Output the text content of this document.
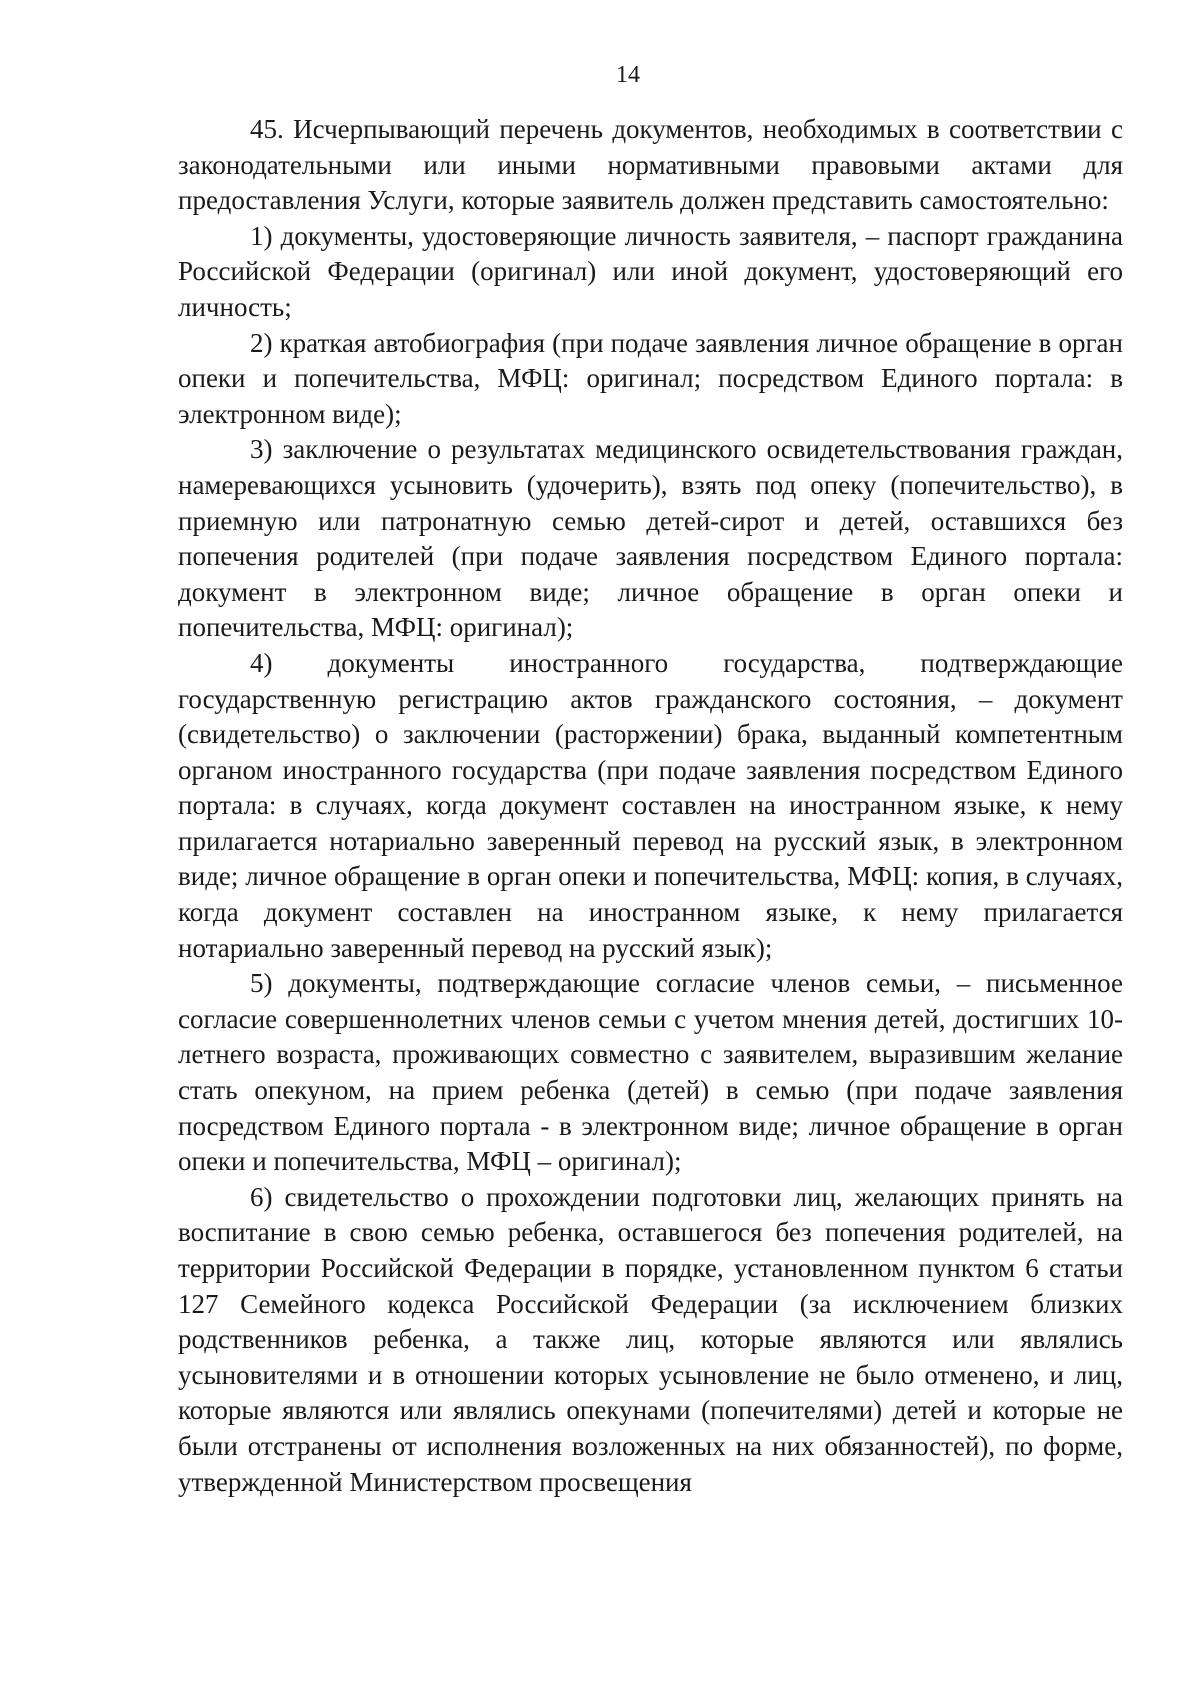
14

45. Исчерпывающий перечень документов, необходимых в соответствии с законодательными или иными нормативными правовыми актами для предоставления Услуги, которые заявитель должен представить самостоятельно:

1) документы, удостоверяющие личность заявителя, – паспорт гражданина Российской Федерации (оригинал) или иной документ, удостоверяющий его личность;

2) краткая автобиография (при подаче заявления личное обращение в орган опеки и попечительства, МФЦ: оригинал; посредством Единого портала: в электронном виде);

3) заключение о результатах медицинского освидетельствования граждан, намеревающихся усыновить (удочерить), взять под опеку (попечительство), в приемную или патронатную семью детей-сирот и детей, оставшихся без попечения родителей (при подаче заявления посредством Единого портала: документ в электронном виде; личное обращение в орган опеки и попечительства, МФЦ: оригинал);

4) документы иностранного государства, подтверждающие государственную регистрацию актов гражданского состояния, – документ (свидетельство) о заключении (расторжении) брака, выданный компетентным органом иностранного государства (при подаче заявления посредством Единого портала: в случаях, когда документ составлен на иностранном языке, к нему прилагается нотариально заверенный перевод на русский язык, в электронном виде; личное обращение в орган опеки и попечительства, МФЦ: копия, в случаях, когда документ составлен на иностранном языке, к нему прилагается нотариально заверенный перевод на русский язык);

5) документы, подтверждающие согласие членов семьи, – письменное согласие совершеннолетних членов семьи с учетом мнения детей, достигших 10-летнего возраста, проживающих совместно с заявителем, выразившим желание стать опекуном, на прием ребенка (детей) в семью (при подаче заявления посредством Единого портала - в электронном виде; личное обращение в орган опеки и попечительства, МФЦ – оригинал);

6) свидетельство о прохождении подготовки лиц, желающих принять на воспитание в свою семью ребенка, оставшегося без попечения родителей, на территории Российской Федерации в порядке, установленном пунктом 6 статьи 127 Семейного кодекса Российской Федерации (за исключением близких родственников ребенка, а также лиц, которые являются или являлись усыновителями и в отношении которых усыновление не было отменено, и лиц, которые являются или являлись опекунами (попечителями) детей и которые не были отстранены от исполнения возложенных на них обязанностей), по форме, утвержденной Министерством просвещения
